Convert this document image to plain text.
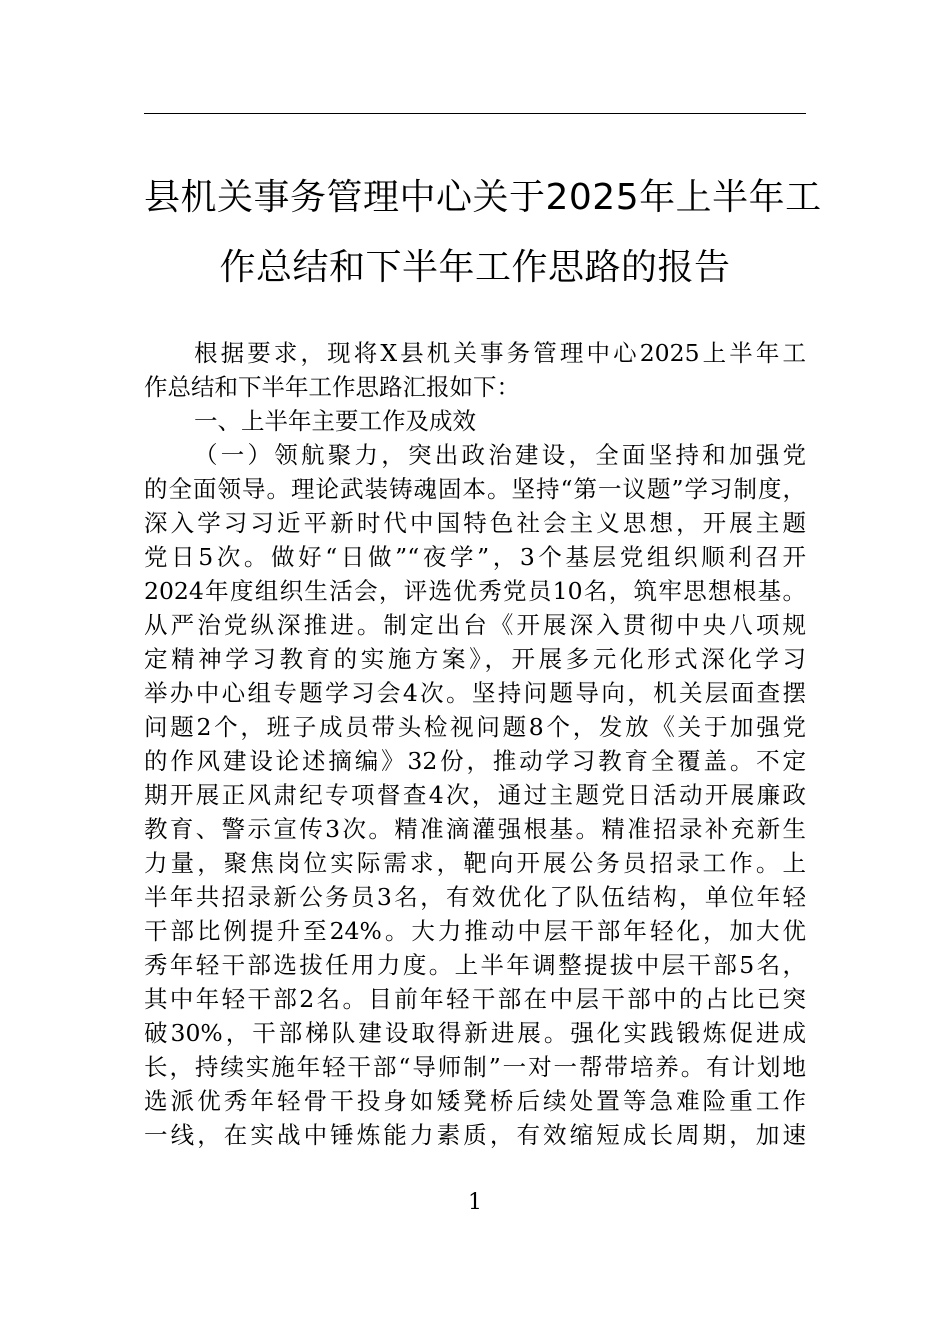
县机关事务管理中心关于2025年上半年工
作总结和下半年工作思路的报告
根据要求，现将X县机关事务管理中心2025上半年工
作总结和下半年工作思路汇报如下：
一、上半年主要工作及成效
（一）领航聚力，突出政治建设，全面坚持和加强党
的全面领导。理论武装铸魂固本。坚持“第一议题”学习制度，
深入学习习近平新时代中国特色社会主义思想，开展主题
党日5次。做好“日做”“夜学”，3个基层党组织顺利召开
2024年度组织生活会，评选优秀党员10名，筑牢思想根基。
从严治党纵深推进。制定出台《开展深入贯彻中央八项规
定精神学习教育的实施方案》，开展多元化形式深化学习
举办中心组专题学习会4次。坚持问题导向，机关层面查摆
问题2个，班子成员带头检视问题8个，发放《关于加强党
的作风建设论述摘编》32份，推动学习教育全覆盖。不定
期开展正风肃纪专项督查4次，通过主题党日活动开展廉政
教育、警示宣传3次。精准滴灌强根基。精准招录补充新生
力量，聚焦岗位实际需求，靶向开展公务员招录工作。上
半年共招录新公务员3名，有效优化了队伍结构，单位年轻
干部比例提升至24%。大力推动中层干部年轻化，加大优
秀年轻干部选拔任用力度。上半年调整提拔中层干部5名，
其中年轻干部2名。目前年轻干部在中层干部中的占比已突
破30%，干部梯队建设取得新进展。强化实践锻炼促进成
长，持续实施年轻干部“导师制”一对一帮带培养。有计划地
选派优秀年轻骨干投身如矮凳桥后续处置等急难险重工作
一线，在实战中锤炼能力素质，有效缩短成长周期，加速
1
